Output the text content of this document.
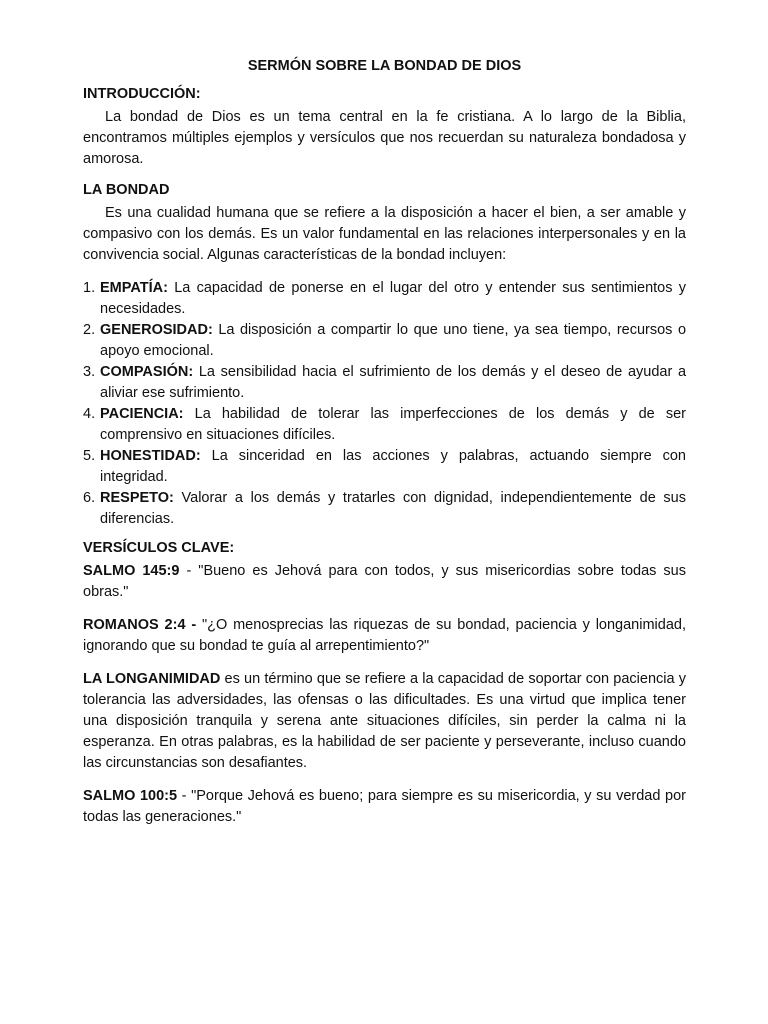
SERMÓN SOBRE LA BONDAD DE DIOS
INTRODUCCIÓN:

La bondad de Dios es un tema central en la fe cristiana. A lo largo de la Biblia, encontramos múltiples ejemplos y versículos que nos recuerdan su naturaleza bondadosa y amorosa.

LA BONDAD

Es una cualidad humana que se refiere a la disposición a hacer el bien, a ser amable y compasivo con los demás. Es un valor fundamental en las relaciones interpersonales y en la convivencia social. Algunas características de la bondad incluyen:

1. EMPATÍA: La capacidad de ponerse en el lugar del otro y entender sus sentimientos y necesidades.
2. GENEROSIDAD: La disposición a compartir lo que uno tiene, ya sea tiempo, recursos o apoyo emocional.
3. COMPASIÓN: La sensibilidad hacia el sufrimiento de los demás y el deseo de ayudar a aliviar ese sufrimiento.
4. PACIENCIA: La habilidad de tolerar las imperfecciones de los demás y de ser comprensivo en situaciones difíciles.
5. HONESTIDAD: La sinceridad en las acciones y palabras, actuando siempre con integridad.
6. RESPETO: Valorar a los demás y tratarles con dignidad, independientemente de sus diferencias.
VERSÍCULOS CLAVE:

SALMO 145:9 - "Bueno es Jehová para con todos, y sus misericordias sobre todas sus obras."

ROMANOS 2:4 - "¿O menosprecias las riquezas de su bondad, paciencia y longanimidad, ignorando que su bondad te guía al arrepentimiento?"

LA LONGANIMIDAD es un término que se refiere a la capacidad de soportar con paciencia y tolerancia las adversidades, las ofensas o las dificultades. Es una virtud que implica tener una disposición tranquila y serena ante situaciones difíciles, sin perder la calma ni la esperanza. En otras palabras, es la habilidad de ser paciente y perseverante, incluso cuando las circunstancias son desafiantes.

SALMO 100:5 - "Porque Jehová es bueno; para siempre es su misericordia, y su verdad por todas las generaciones."
